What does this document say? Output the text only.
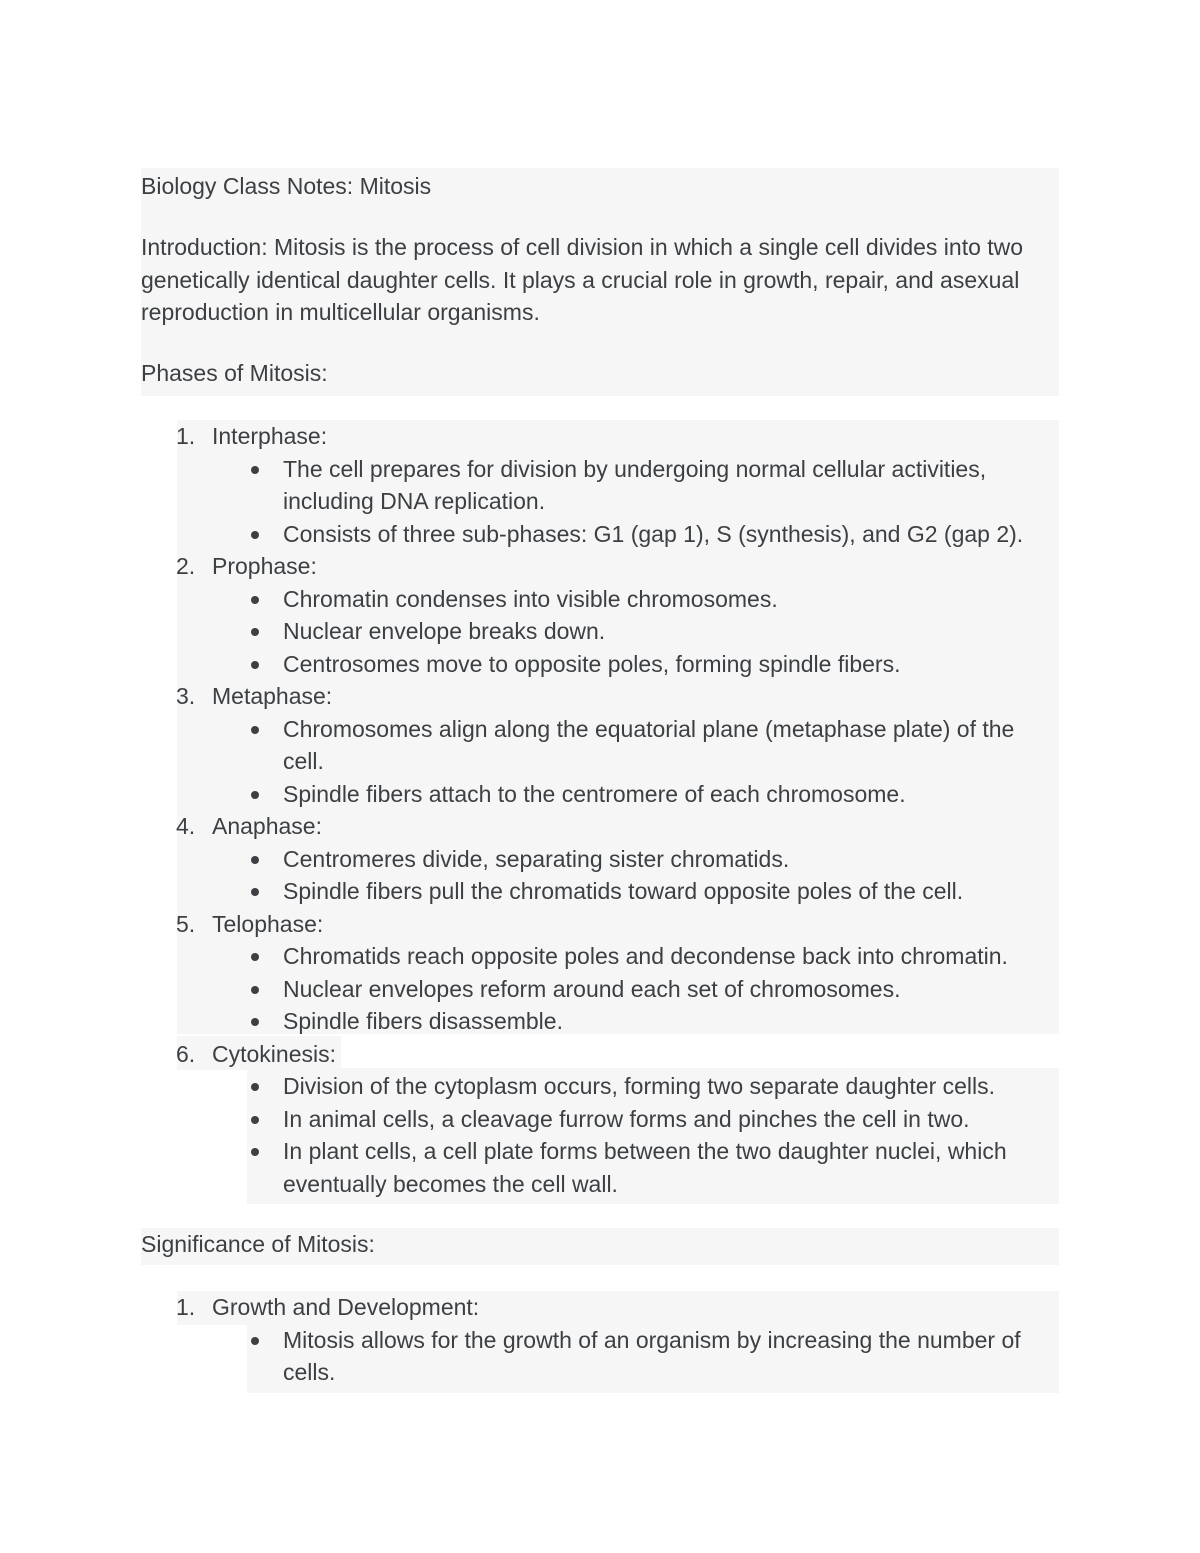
Biology Class Notes: Mitosis
Introduction: Mitosis is the process of cell division in which a single cell divides into two
genetically identical daughter cells. It plays a crucial role in growth, repair, and asexual
reproduction in multicellular organisms.
Phases of Mitosis:
1. Interphase:
The cell prepares for division by undergoing normal cellular activities,
including DNA replication.
Consists of three sub-phases: G1 (gap 1), S (synthesis), and G2 (gap 2).
2. Prophase:
Chromatin condenses into visible chromosomes.
Nuclear envelope breaks down.
Centrosomes move to opposite poles, forming spindle fibers.
3. Metaphase:
Chromosomes align along the equatorial plane (metaphase plate) of the
cell.
Spindle fibers attach to the centromere of each chromosome.
4. Anaphase:
Centromeres divide, separating sister chromatids.
Spindle fibers pull the chromatids toward opposite poles of the cell.
5. Telophase:
Chromatids reach opposite poles and decondense back into chromatin.
Nuclear envelopes reform around each set of chromosomes.
Spindle fibers disassemble.
6. Cytokinesis:
Division of the cytoplasm occurs, forming two separate daughter cells.
In animal cells, a cleavage furrow forms and pinches the cell in two.
In plant cells, a cell plate forms between the two daughter nuclei, which
eventually becomes the cell wall.
Significance of Mitosis:
1. Growth and Development:
Mitosis allows for the growth of an organism by increasing the number of
cells.
